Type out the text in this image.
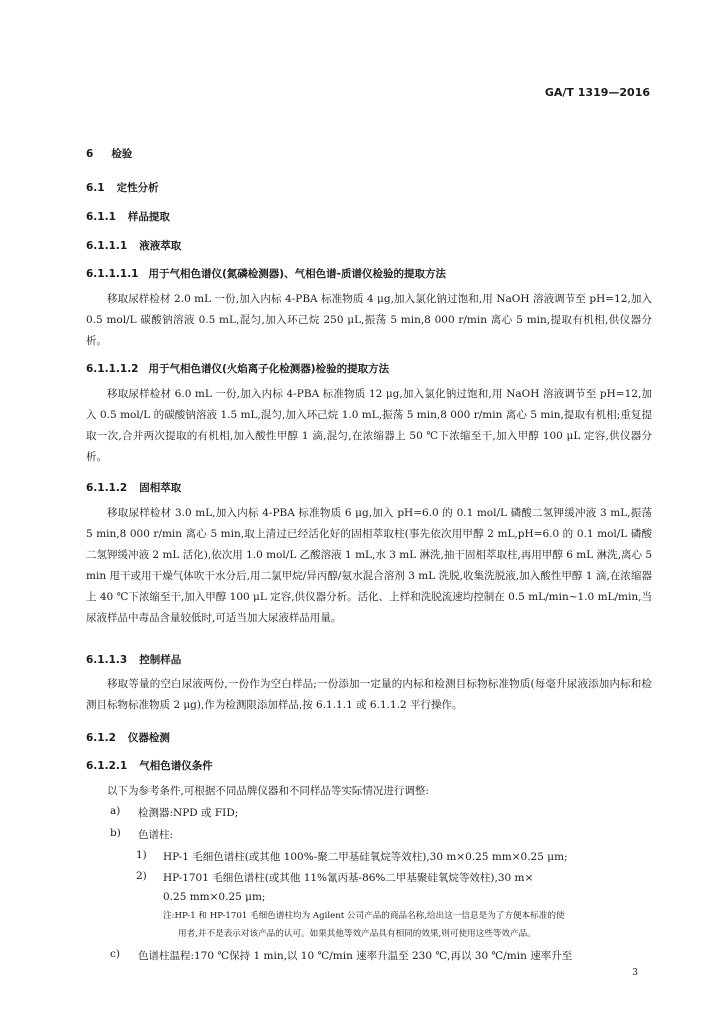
GA/T 1319—2016
6 检验
6.1 定性分析
6.1.1 样品提取
6.1.1.1 液液萃取
6.1.1.1.1 用于气相色谱仪(氮磷检测器)、气相色谱-质谱仪检验的提取方法
移取尿样检材 2.0 mL 一份,加入内标 4-PBA 标准物质 4 μg,加入氯化钠过饱和,用 NaOH 溶液调节至 pH=12,加入 0.5 mol/L 碳酸钠溶液 0.5 mL,混匀,加入环己烷 250 μL,振荡 5 min,8 000 r/min 离心 5 min,提取有机相,供仪器分析。
6.1.1.1.2 用于气相色谱仪(火焰离子化检测器)检验的提取方法
移取尿样检材 6.0 mL 一份,加入内标 4-PBA 标准物质 12 μg,加入氯化钠过饱和,用 NaOH 溶液调节至 pH=12,加入 0.5 mol/L 的碳酸钠溶液 1.5 mL,混匀,加入环己烷 1.0 mL,振荡 5 min,8 000 r/min 离心 5 min,提取有机相;重复提取一次,合并两次提取的有机相,加入酸性甲醇 1 滴,混匀,在浓缩器上 50 ℃下浓缩至干,加入甲醇 100 μL 定容,供仪器分析。
6.1.1.2 固相萃取
移取尿样检材 3.0 mL,加入内标 4-PBA 标准物质 6 μg,加入 pH=6.0 的 0.1 mol/L 磷酸二氢钾缓冲液 3 mL,振荡 5 min,8 000 r/min 离心 5 min,取上清过已经活化好的固相萃取柱(事先依次用甲醇 2 mL,pH=6.0 的 0.1 mol/L 磷酸二氢钾缓冲液 2 mL 活化),依次用 1.0 mol/L 乙酸溶液 1 mL,水 3 mL 淋洗,抽干固相萃取柱,再用甲醇 6 mL 淋洗,离心 5 min 甩干或用干燥气体吹干水分后,用二氯甲烷/异丙醇/氨水混合溶剂 3 mL 洗脱,收集洗脱液,加入酸性甲醇 1 滴,在浓缩器上 40 ℃下浓缩至干,加入甲醇 100 μL 定容,供仪器分析。活化、上样和洗脱流速均控制在 0.5 mL/min~1.0 mL/min,当尿液样品中毒品含量较低时,可适当加大尿液样品用量。
6.1.1.3 控制样品
移取等量的空白尿液两份,一份作为空白样品;一份添加一定量的内标和检测目标物标准物质(每毫升尿液添加内标和检测目标物标准物质 2 μg),作为检测限添加样品,按 6.1.1.1 或 6.1.1.2 平行操作。
6.1.2 仪器检测
6.1.2.1 气相色谱仪条件
以下为参考条件,可根据不同品牌仪器和不同样品等实际情况进行调整:
a) 检测器:NPD 或 FID;
b) 色谱柱:
1) HP-1 毛细色谱柱(或其他 100%-聚二甲基硅氧烷等效柱),30 m×0.25 mm×0.25 μm;
2) HP-1701 毛细色谱柱(或其他 11%氰丙基-86%二甲基聚硅氧烷等效柱),30 m×
0.25 mm×0.25 μm;
注:HP-1 和 HP-1701 毛细色谱柱均为 Agilent 公司产品的商品名称,给出这一信息是为了方便本标准的使
用者,并不是表示对该产品的认可。如果其他等效产品具有相同的效果,则可使用这些等效产品。
c) 色谱柱温程:170 ℃保持 1 min,以 10 ℃/min 速率升温至 230 ℃,再以 30 ℃/min 速率升至
3
